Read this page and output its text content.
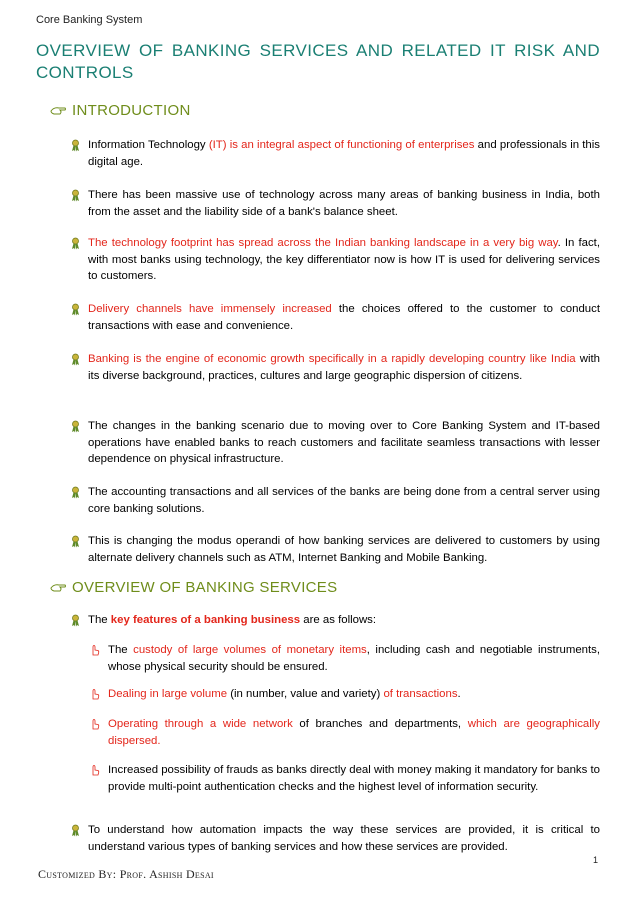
Core Banking System
OVERVIEW OF BANKING SERVICES AND RELATED IT RISK AND CONTROLS
INTRODUCTION
Information Technology (IT) is an integral aspect of functioning of enterprises and professionals in this digital age.
There has been massive use of technology across many areas of banking business in India, both from the asset and the liability side of a bank's balance sheet.
The technology footprint has spread across the Indian banking landscape in a very big way. In fact, with most banks using technology, the key differentiator now is how IT is used for delivering services to customers.
Delivery channels have immensely increased the choices offered to the customer to conduct transactions with ease and convenience.
Banking is the engine of economic growth specifically in a rapidly developing country like India with its diverse background, practices, cultures and large geographic dispersion of citizens.
The changes in the banking scenario due to moving over to Core Banking System and IT-based operations have enabled banks to reach customers and facilitate seamless transactions with lesser dependence on physical infrastructure.
The accounting transactions and all services of the banks are being done from a central server using core banking solutions.
This is changing the modus operandi of how banking services are delivered to customers by using alternate delivery channels such as ATM, Internet Banking and Mobile Banking.
OVERVIEW OF BANKING SERVICES
The key features of a banking business are as follows:
The custody of large volumes of monetary items, including cash and negotiable instruments, whose physical security should be ensured.
Dealing in large volume (in number, value and variety) of transactions.
Operating through a wide network of branches and departments, which are geographically dispersed.
Increased possibility of frauds as banks directly deal with money making it mandatory for banks to provide multi-point authentication checks and the highest level of information security.
To understand how automation impacts the way these services are provided, it is critical to understand various types of banking services and how these services are provided.
1
Customized By: Prof. Ashish Desai
